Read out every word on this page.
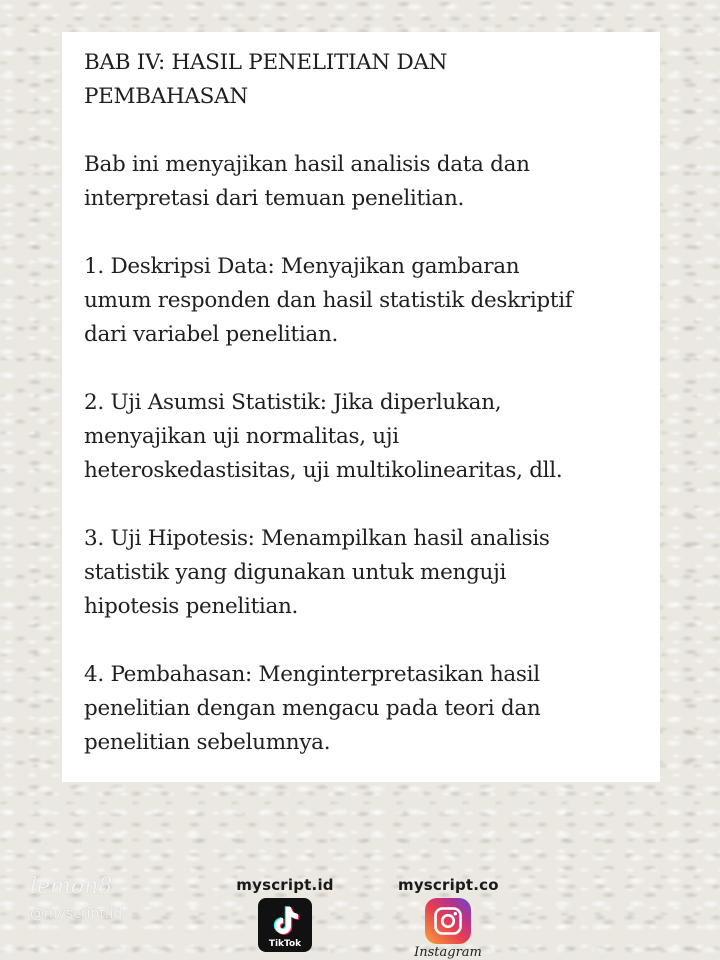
BAB IV: HASIL PENELITIAN DAN

PEMBAHASAN

Bab ini menyajikan hasil analisis data dan

interpretasi dari temuan penelitian.

1. Deskripsi Data: Menyajikan gambaran

umum responden dan hasil statistik deskriptif

dari variabel penelitian.

2. Uji Asumsi Statistik: Jika diperlukan,

menyajikan uji normalitas, uji

heteroskedastisitas, uji multikolinearitas, dll.

3. Uji Hipotesis: Menampilkan hasil analisis

statistik yang digunakan untuk menguji

hipotesis penelitian.

4. Pembahasan: Menginterpretasikan hasil

penelitian dengan mengacu pada teori dan

penelitian sebelumnya.

lemon8
@myscript.id
myscript.id
TikTok
myscript.co
Instagram
